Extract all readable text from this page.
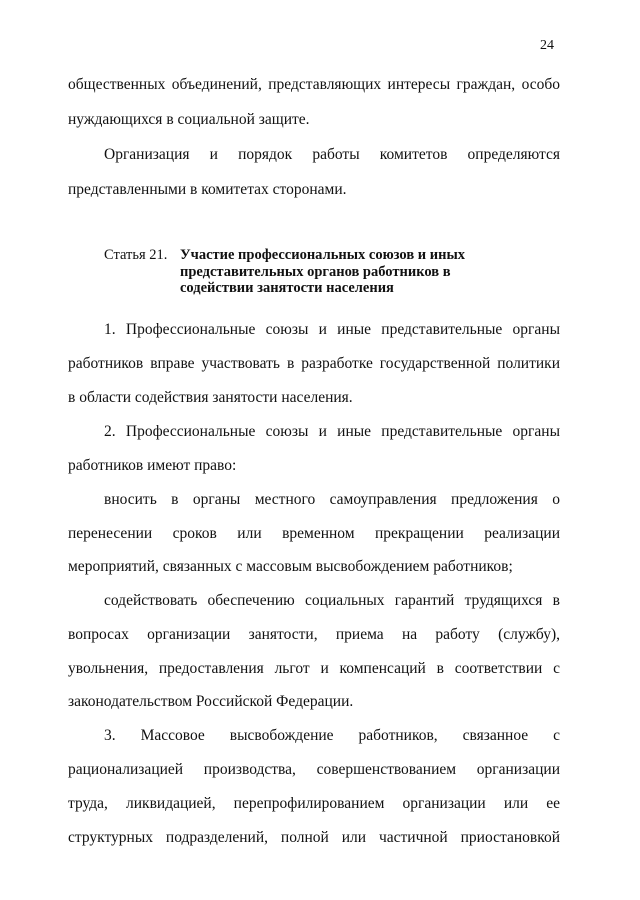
24
общественных объединений, представляющих интересы граждан, особо
нуждающихся в социальной защите.
Организация и порядок работы комитетов определяются
представленными в комитетах сторонами.
Статья 21. Участие профессиональных союзов и иных представительных органов работников в содействии занятости населения
1. Профессиональные союзы и иные представительные органы
работников вправе участвовать в разработке государственной политики
в области содействия занятости населения.
2. Профессиональные союзы и иные представительные органы
работников имеют право:
вносить в органы местного самоуправления предложения о
перенесении сроков или временном прекращении реализации
мероприятий, связанных с массовым высвобождением работников;
содействовать обеспечению социальных гарантий трудящихся в
вопросах организации занятости, приема на работу (службу),
увольнения, предоставления льгот и компенсаций в соответствии с
законодательством Российской Федерации.
3. Массовое высвобождение работников, связанное с
рационализацией производства, совершенствованием организации
труда, ликвидацией, перепрофилированием организации или ее
структурных подразделений, полной или частичной приостановкой
